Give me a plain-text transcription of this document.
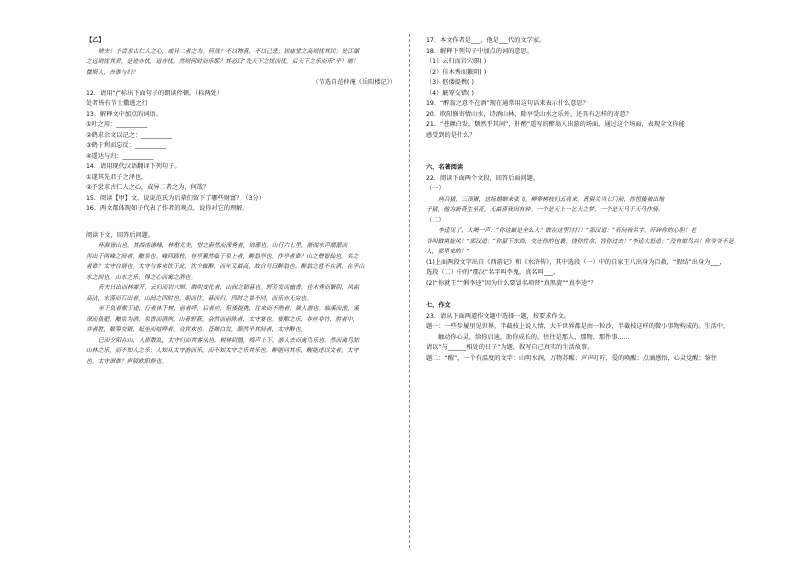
【乙】
嗟夫！予尝求古仁人之心，或异二者之为。何哉？不以物喜，不以己悲；居庙堂之高则忧其民；处江湖
之远则忧其君。是进亦忧，退亦忧。然则何时而乐耶？其必曰“先天下之忧而忧，后天下之乐而乐”乎！噫！
微斯人，吾谁与归？
（节选自范仲淹《岳阳楼记》）
12．请用“/”标出下面句子的朗读停顿。（标两处）
处者皆有节士撒逃之行
13．解释文中加点的词语。
①叶之用：__________
②鹤求余文以记之：__________
③鹤于利而忘反：__________
④遥达与归：__________
14．请用现代汉语翻译下列句子。
①遂其先君子之泽也。
②予尝求古仁人之心，或异二者之为，何哉？
15．阅读【甲】文，说说范氏为后辈们留下了哪些财富？（3分）
16．两文都体现如子代表了作者的观点，说你对它的理解。
阅读下文，回答后问题。
环滁皆山也。其西南诸峰，林壑尤美，望之蔚然而深秀者，琅琊也。山行六七里，渐闻水声潺潺而
泻出于两峰之间者，酿泉也。峰回路转，有亭翼然临于泉上者，醉翁亭也。作亭者谁？山之僧智仙也。名之
者谁？太守自谓也。太守与客来饮于此，饮少辄醉，而年又最高，故自号曰醉翁也。醉翁之意不在酒，在乎山
水之间也。山水之乐，得之心而寓之酒也。
若夫日出而林霏开，云归而岩穴暝，晦明变化者，山间之朝暮也。野芳发而幽香，佳木秀而繁阴，风霜
高洁，水落而石出者，山间之四时也。朝而往，暮而归，四时之景不同，而乐亦无穷也。
至于负者歌于途，行者休于树，前者呼，后者应，伛偻提携，往来而不绝者，滁人游也。临溪而渔，溪
深而鱼肥，酿泉为酒，泉香而酒洌，山肴野蔌，杂然而前陈者，太守宴也。宴酣之乐，非丝非竹，射者中，
弈者胜，觥筹交错，起坐而喧哗者，众宾欢也。苍颜白发，颓然乎其间者，太守醉也。
已而夕阳在山，人影散乱，太守归而宾客从也。树林阴翳，鸣声上下，游人去而禽鸟乐也。然而禽鸟知
山林之乐，而不知人之乐；人知从太守游而乐，而不知太守之乐其乐也。醉能同其乐，醒能述以文者，太守
也。太守谓谁？庐陵欧阳修也。
17．本文作者是___，他是___代的文学家。
18．解释下列句子中加点的词的意思。
（1）云归而岩穴暝( )
（2）佳木秀而繁阴( )
（3）伛偻提携( )
（4）觥筹交错( )
19．“醉翁之意不在酒”现在通常用这句话来表示什么意思？
20．欧阳修寄情山水，诗酒山林，除享受山水之乐外，还具有怎样的寄意？
21．“苍颜白发，颓然乎其间”，肝醉”遥写的醉翁人出游的场面，通过这个场面，表现全文你能
感受到的是什么？
六、名著阅读
22．阅读下面两个文段，回答后面问题。
（一）
两兵猪，三顶锹，这场婚姻来张飞。柳带树枝归五亮来。真俱关当七门前，你恒傻被出地
子猪，他为新奇生至花，无最喜我因有钟。一个是天上一乞天之梦，一个是天马千天马作骑。
（二）
李逵见了，大喝一声：“你这厮是全么人？敢在这里讨打！”那汉道：“若问我名字，吓碎你的心胆！老
爷叫做黑旋风！”那汉道：“你留下东西，交还你的包裹，饶你性命，容你过去！”李逵大怒道：“没有娘鸟兴！你爷爷不是
人，那里来的！”
(1)上面两段文字出自《西游记》和《水浒传》，其中选段（一）中的自家王八出身为百救，“假结”出身为___，
选段（二）中的“那汉”名字叫李鬼，真名叫___。
(2)“你就王”“俐李逵”因为什么要冒名项替“真黑旋”“真李逵”？
七、作文
23．请从下面两道作文题中选择一题，按要求作文。
题一：一些步履里见世界，半截枝上说人情，大千世界都是由一粒沙，半截枝这样的微小事物构成的。生活中，
触动你心灵，给你启迪，助你成长的，往往是那人、那物、那件事……
请以“与______相处的日子”为题，叙写自己真实的生活故事。
题二：“醒”，一个有温度的文字：山明水润，万物苏醒；声声叮咛，爱的唤醒；点滴感悟，心灵觉醒；鉴往
